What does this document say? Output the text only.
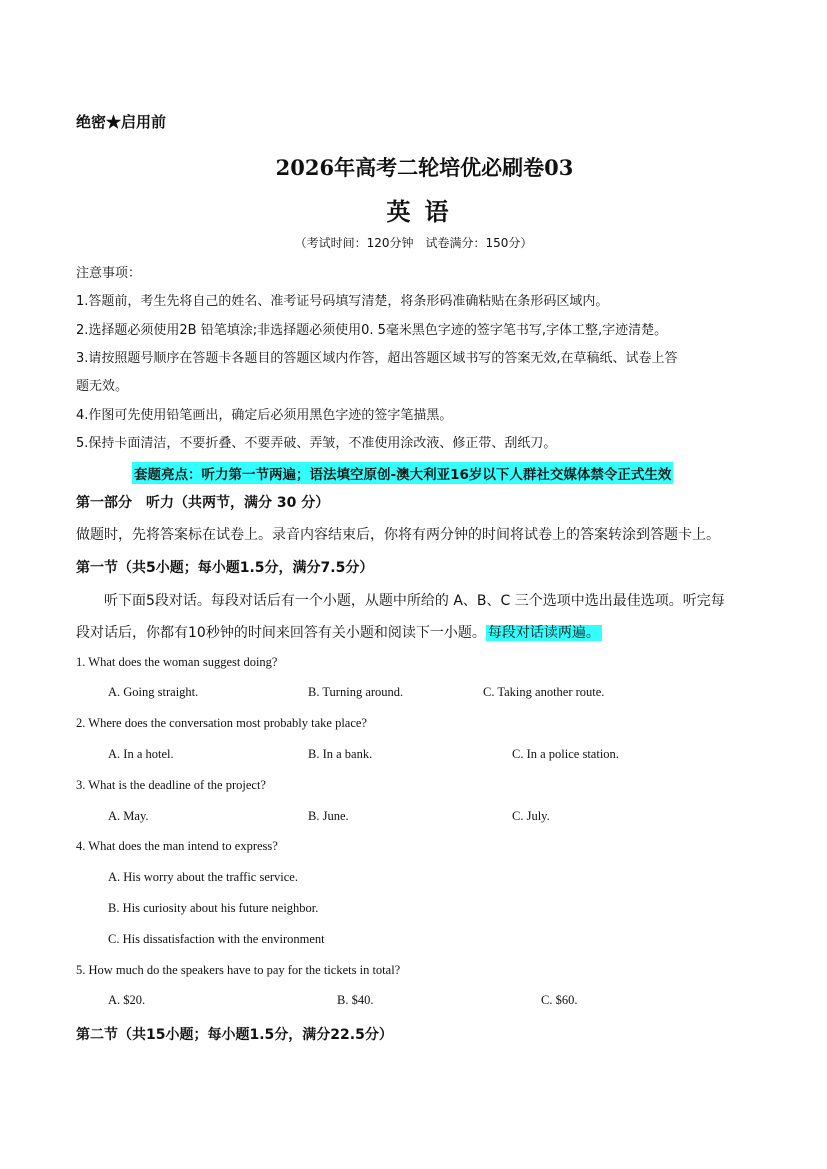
绝密★启用前
2026年高考二轮培优必刷卷03
英语
（考试时间：120分钟　试卷满分：150分）
注意事项：
1.答题前，考生先将自己的姓名、准考证号码填写清楚，将条形码准确粘贴在条形码区域内。
2.选择题必须使用2B 铅笔填涂;非选择题必须使用0. 5毫米黑色字迹的签字笔书写,字体工整,字迹清楚。
3.请按照题号顺序在答题卡各题目的答题区域内作答，超出答题区域书写的答案无效,在草稿纸、试卷上答
题无效。
4.作图可先使用铅笔画出，确定后必须用黑色字迹的签字笔描黑。
5.保持卡面清洁，不要折叠、不要弄破、弄皱，不准使用涂改液、修正带、刮纸刀。
套题亮点：听力第一节两遍；语法填空原创-澳大利亚16岁以下人群社交媒体禁令正式生效
第一部分　听力（共两节，满分 30 分）
做题时，先将答案标在试卷上。录音内容结束后，你将有两分钟的时间将试卷上的答案转涂到答题卡上。
第一节（共5小题；每小题1.5分，满分7.5分）
听下面5段对话。每段对话后有一个小题，从题中所给的 A、B、C 三个选项中选出最佳选项。听完每
段对话后，你都有10秒钟的时间来回答有关小题和阅读下一小题。 每段对话读两遍。
1. What does the woman suggest doing?
A. Going straight.	B. Turning around.	C. Taking another route.
2. Where does the conversation most probably take place?
A. In a hotel.	B. In a bank.	C. In a police station.
3. What is the deadline of the project?
A. May.	B. June.	C. July.
4. What does the man intend to express?
A. His worry about the traffic service.
B. His curiosity about his future neighbor.
C. His dissatisfaction with the environment
5. How much do the speakers have to pay for the tickets in total?
A. $20.	B. $40.	C. $60.
第二节（共15小题；每小题1.5分，满分22.5分）
